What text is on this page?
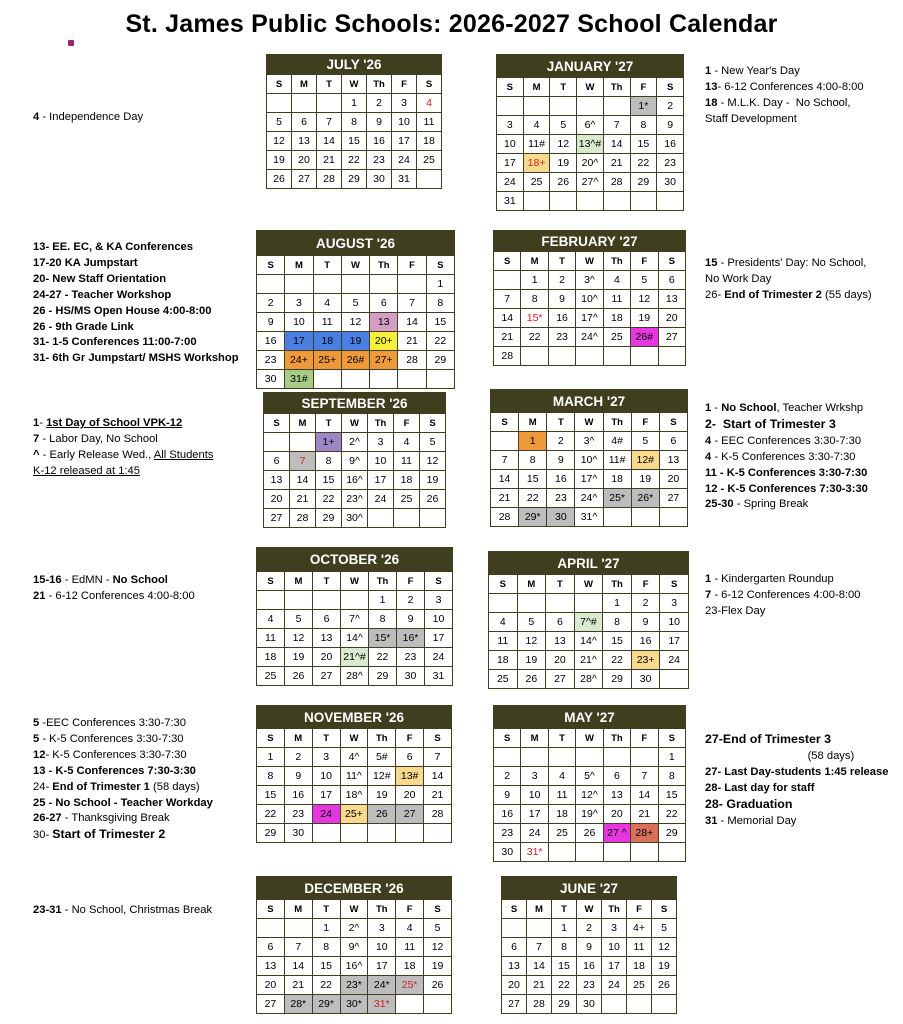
St. James Public Schools: 2026-2027 School Calendar
JULY '26						
S	M	T	W	Th	F	S
			1	2	3	4
5	6	7	8	9	10	11
12	13	14	15	16	17	18
19	20	21	22	23	24	25
26	27	28	29	30	31	
JANUARY '27						
S	M	T	W	Th	F	S
					1*	2
3	4	5	6^	7	8	9
10	11#	12	13^#	14	15	16
17	18+	19	20^	21	22	23
24	25	26	27^	28	29	30
31						
AUGUST '26						
S	M	T	W	Th	F	S
						1
2	3	4	5	6	7	8
9	10	11	12	13	14	15
16	17	18	19	20+	21	22
23	24+	25+	26#	27+	28	29
30	31#					
FEBRUARY '27						
S	M	T	W	Th	F	S
	1	2	3^	4	5	6
7	8	9	10^	11	12	13
14	15*	16	17^	18	19	20
21	22	23	24^	25	26#	27
28						
SEPTEMBER '26						
S	M	T	W	Th	F	S
		1+	2^	3	4	5
6	7	8	9^	10	11	12
13	14	15	16^	17	18	19
20	21	22	23^	24	25	26
27	28	29	30^			
MARCH '27						
S	M	T	W	Th	F	S
	1	2	3^	4#	5	6
7	8	9	10^	11#	12#	13
14	15	16	17^	18	19	20
21	22	23	24^	25*	26*	27
28	29*	30	31^			
OCTOBER '26						
S	M	T	W	Th	F	S
				1	2	3
4	5	6	7^	8	9	10
11	12	13	14^	15*	16*	17
18	19	20	21^#	22	23	24
25	26	27	28^	29	30	31
APRIL '27						
S	M	T	W	Th	F	S
				1	2	3
4	5	6	7^#	8	9	10
11	12	13	14^	15	16	17
18	19	20	21^	22	23+	24
25	26	27	28^	29	30	
NOVEMBER '26						
S	M	T	W	Th	F	S
1	2	3	4^	5#	6	7
8	9	10	11^	12#	13#	14
15	16	17	18^	19	20	21
22	23	24	25+	26	27	28
29	30					
MAY '27						
S	M	T	W	Th	F	S
						1
2	3	4	5^	6	7	8
9	10	11	12^	13	14	15
16	17	18	19^	20	21	22
23	24	25	26	27 ^	28+	29
30	31*					
DECEMBER '26						
S	M	T	W	Th	F	S
		1	2^	3	4	5
6	7	8	9^	10	11	12
13	14	15	16^	17	18	19
20	21	22	23*	24*	25*	26
27	28*	29*	30*	31*		
JUNE '27						
S	M	T	W	Th	F	S
		1	2	3	4+	5
6	7	8	9	10	11	12
13	14	15	16	17	18	19
20	21	22	23	24	25	26
27	28	29	30			
4 - Independence Day
1 - New Year's Day
13- 6-12 Conferences 4:00-8:00
18 - M.L.K. Day -  No School,
Staff Development
13- EE. EC, & KA Conferences
17-20 KA Jumpstart
20- New Staff Orientation
24-27 - Teacher Workshop
26 - HS/MS Open House 4:00-8:00
26 - 9th Grade Link
31- 1-5 Conferences 11:00-7:00
31- 6th Gr Jumpstart/ MSHS Workshop
15 - Presidents' Day: No School,
No Work Day
26- End of Trimester 2 (55 days)
1- 1st Day of School VPK-12
7 - Labor Day, No School
^ - Early Release Wed., All Students
K-12 released at 1:45
1 - No School, Teacher Wrkshp
2-  Start of Trimester 3
4 - EEC Conferences 3:30-7:30
4 - K-5 Conferences 3:30-7:30
11 - K-5 Conferences 3:30-7:30
12 - K-5 Conferences 7:30-3:30
25-30 - Spring Break
15-16 - EdMN - No School
21 - 6-12 Conferences 4:00-8:00
1 - Kindergarten Roundup
7 - 6-12 Conferences 4:00-8:00
23-Flex Day
5 -EEC Conferences 3:30-7:30
5 - K-5 Conferences 3:30-7:30
12- K-5 Conferences 3:30-7:30
13 - K-5 Conferences 7:30-3:30
24- End of Trimester 1 (58 days)
25 - No School - Teacher Workday
26-27 - Thanksgiving Break
30- Start of Trimester 2
27-End of Trimester 3
(58 days)
27- Last Day-students 1:45 release
28- Last day for staff
28- Graduation
31 - Memorial Day
23-31 - No School, Christmas Break
